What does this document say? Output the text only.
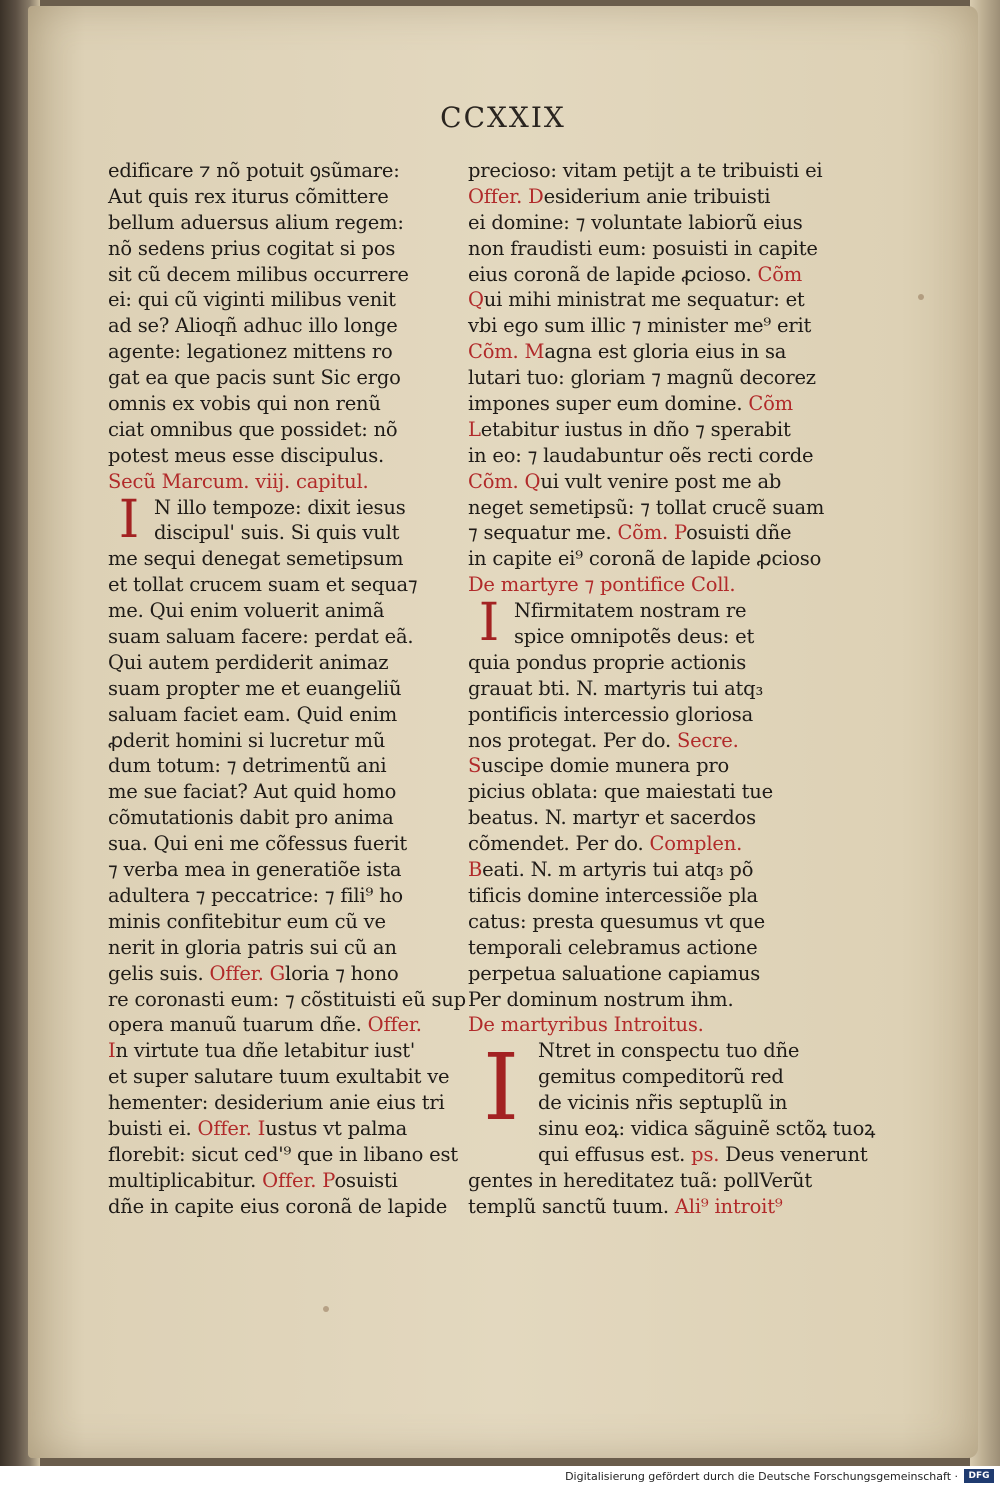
CCXXIX
edificare ⁊ nõ potuit ꝯsũmare:
Aut quis rex iturus cõmittere
bellum aduersus alium regem:
nõ sedens prius cogitat si pos
sit cũ decem milibus occurrere
ei: qui cũ viginti milibus venit
ad se? Alioqñ adhuc illo longe
agente: legationez mittens ro
gat ea que pacis sunt Sic ergo
omnis ex vobis qui non renũ
ciat omnibus que possidet: nõ
potest meus esse discipulus.
Secũ Marcum. viij. capitul.
I N illo tempoze: dixit iesus
discipul' suis. Si quis vult
me sequi denegat semetipsum
et tollat crucem suam et sequa⁊
me. Qui enim voluerit animã
suam saluam facere: perdat eã.
Qui autem perdiderit animaz
suam propter me et euangeliũ
saluam faciet eam. Quid enim
ꝓderit homini si lucretur mũ
dum totum: ⁊ detrimentũ ani
me sue faciat? Aut quid homo
cõmutationis dabit pro anima
sua. Qui eni me cõfessus fuerit
⁊ verba mea in generatiõe ista
adultera ⁊ peccatrice: ⁊ fili⁹ ho
minis confitebitur eum cũ ve
nerit in gloria patris sui cũ an
gelis suis. Offer. Gloria ⁊ hono
re coronasti eum: ⁊ cõstituisti eũ sup
opera manuũ tuarum dñe. Offer.
In virtute tua dñe letabitur iust'
et super salutare tuum exultabit ve
hementer: desiderium anie eius tri
buisti ei. Offer. Iustus vt palma
florebit: sicut ced'⁹ que in libano est
multiplicabitur. Offer. Posuisti
dñe in capite eius coronã de lapide
precioso: vitam petijt a te tribuisti ei
Offer. Desiderium anie tribuisti
ei domine: ⁊ voluntate labiorũ eius
non fraudisti eum: posuisti in capite
eius coronã de lapide ꝓcioso. Cõm
Qui mihi ministrat me sequatur: et
vbi ego sum illic ⁊ minister me⁹ erit
Cõm. Magna est gloria eius in sa
lutari tuo: gloriam ⁊ magnũ decorez
impones super eum domine. Cõm
Letabitur iustus in dño ⁊ sperabit
in eo: ⁊ laudabuntur oẽs recti corde
Cõm. Qui vult venire post me ab
neget semetipsũ: ⁊ tollat crucẽ suam
⁊ sequatur me. Cõm. Posuisti dñe
in capite ei⁹ coronã de lapide ꝓcioso
De martyre ⁊ pontifice Coll.
I Nfirmitatem nostram re
spice omnipotẽs deus: et
quia pondus proprie actionis
grauat bti. N. martyris tui atq₃
pontificis intercessio gloriosa
nos protegat. Per do. Secre.
Suscipe domie munera pro
picius oblata: que maiestati tue
beatus. N. martyr et sacerdos
cõmendet. Per do. Complen.
Beati. N. m artyris tui atq₃ põ
tificis domine intercessiõe pla
catus: presta quesumus vt que
temporali celebramus actione
perpetua saluatione capiamus
Per dominum nostrum ihm.
De martyribus Introitus.
I Ntret in conspectu tuo dñe
gemitus compeditorũ red
de vicinis nr̃is septuplũ in
sinu eoꝝ: vidica sãguinẽ sctõꝝ tuoꝝ
qui effusus est. ps. Deus venerunt
gentes in hereditatez tuã: pollVerũt
templũ sanctũ tuum. Ali⁹ introit⁹
Digitalisierung gefördert durch die Deutsche Forschungsgemeinschaft ·	DFG
